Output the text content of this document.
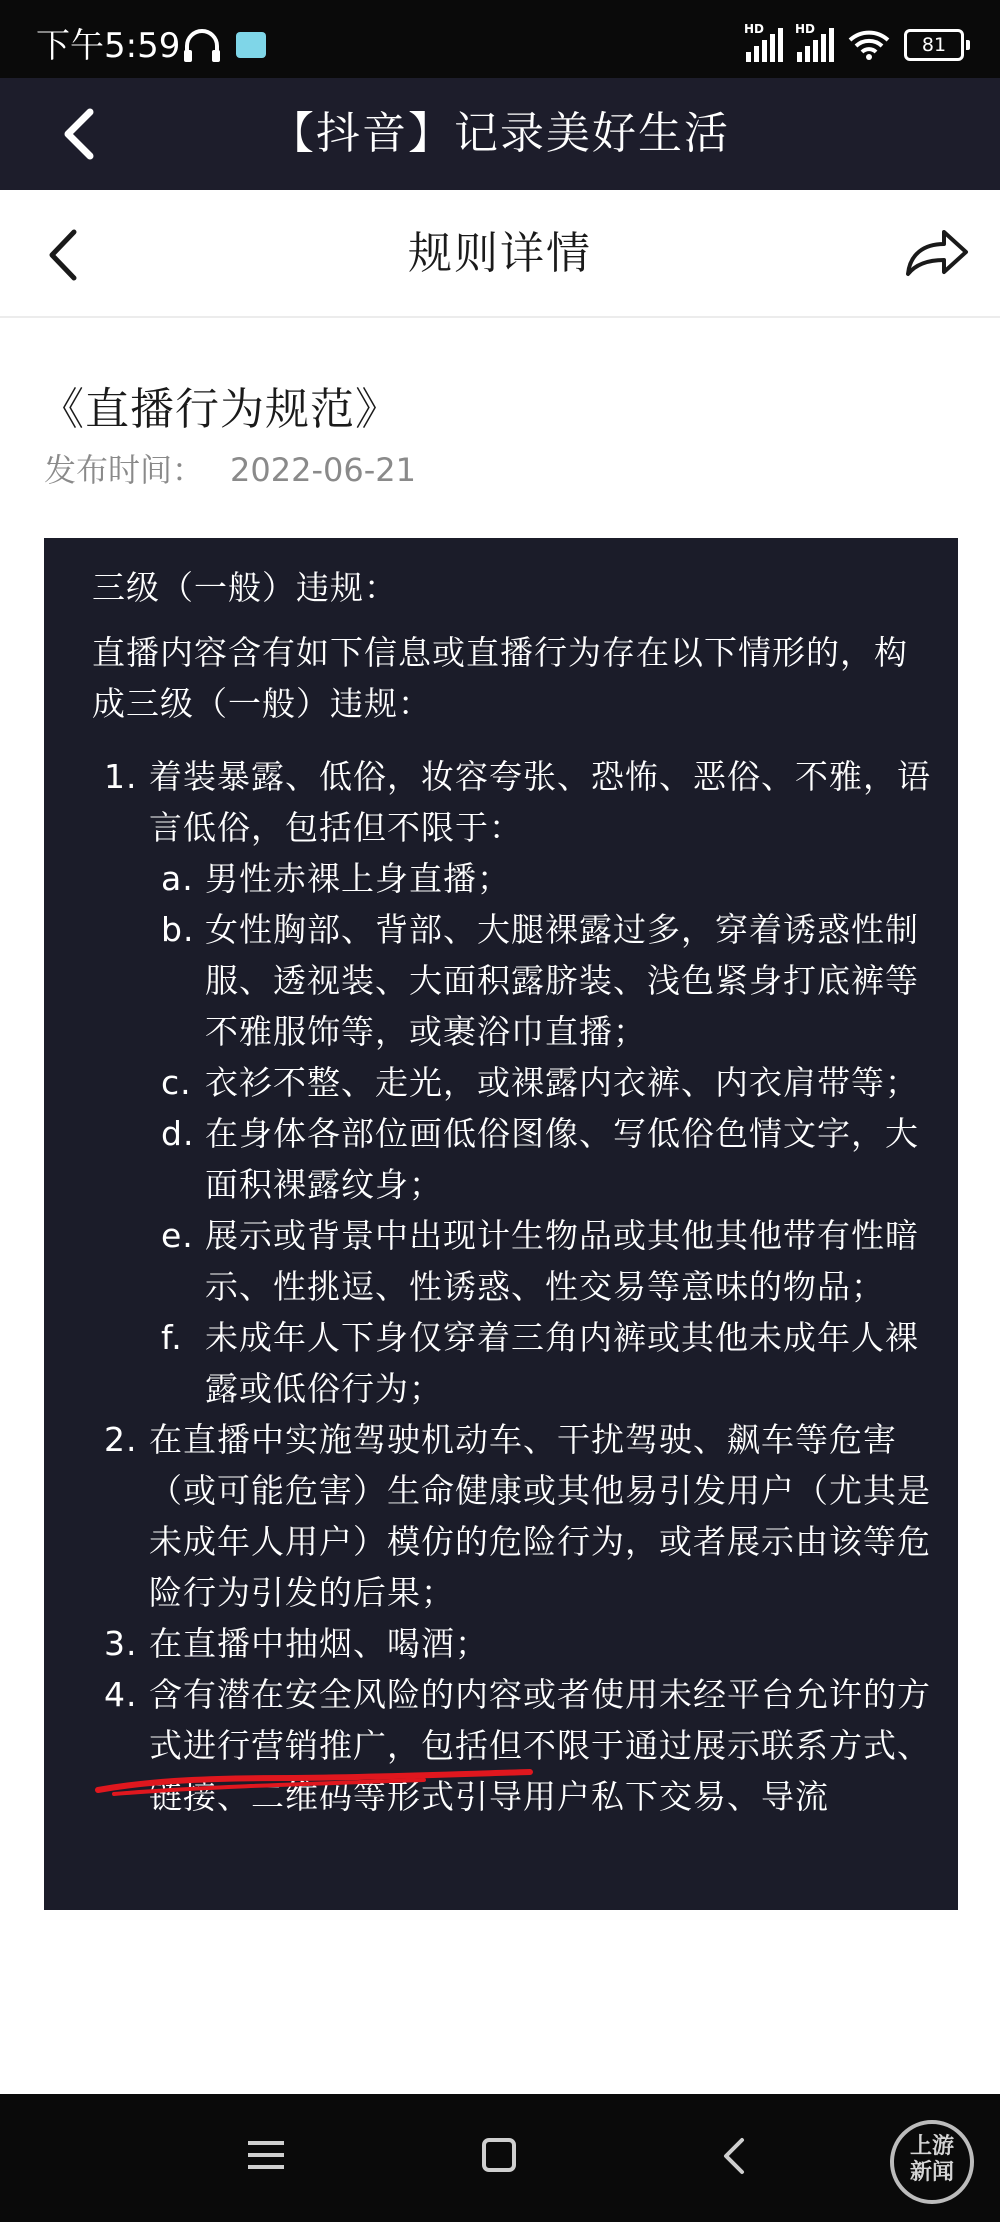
下午5:59	HD	HD
81
【抖音】记录美好生活
规则详情
《直播行为规范》
发布时间： 2022-06-21
三级（一般）违规：
直播内容含有如下信息或直播行为存在以下情形的，构成三级（一般）违规：
1. 着装暴露、低俗，妆容夸张、恐怖、恶俗、不雅，语言低俗，包括但不限于：
a. 男性赤裸上身直播；
b. 女性胸部、背部、大腿裸露过多，穿着诱惑性制服、透视装、大面积露脐装、浅色紧身打底裤等不雅服饰等，或裹浴巾直播；
c. 衣衫不整、走光，或裸露内衣裤、内衣肩带等；
d. 在身体各部位画低俗图像、写低俗色情文字，大面积裸露纹身；
e. 展示或背景中出现计生物品或其他其他带有性暗示、性挑逗、性诱惑、性交易等意味的物品；
f. 未成年人下身仅穿着三角内裤或其他未成年人裸露或低俗行为；
2. 在直播中实施驾驶机动车、干扰驾驶、飙车等危害（或可能危害）生命健康或其他易引发用户（尤其是未成年人用户）模仿的危险行为，或者展示由该等危险行为引发的后果；
3. 在直播中抽烟、喝酒；
4. 含有潜在安全风险的内容或者使用未经平台允许的方式进行营销推广，包括但不限于通过展示联系方式、链接、二维码等形式引导用户私下交易、导流
上游
新闻
